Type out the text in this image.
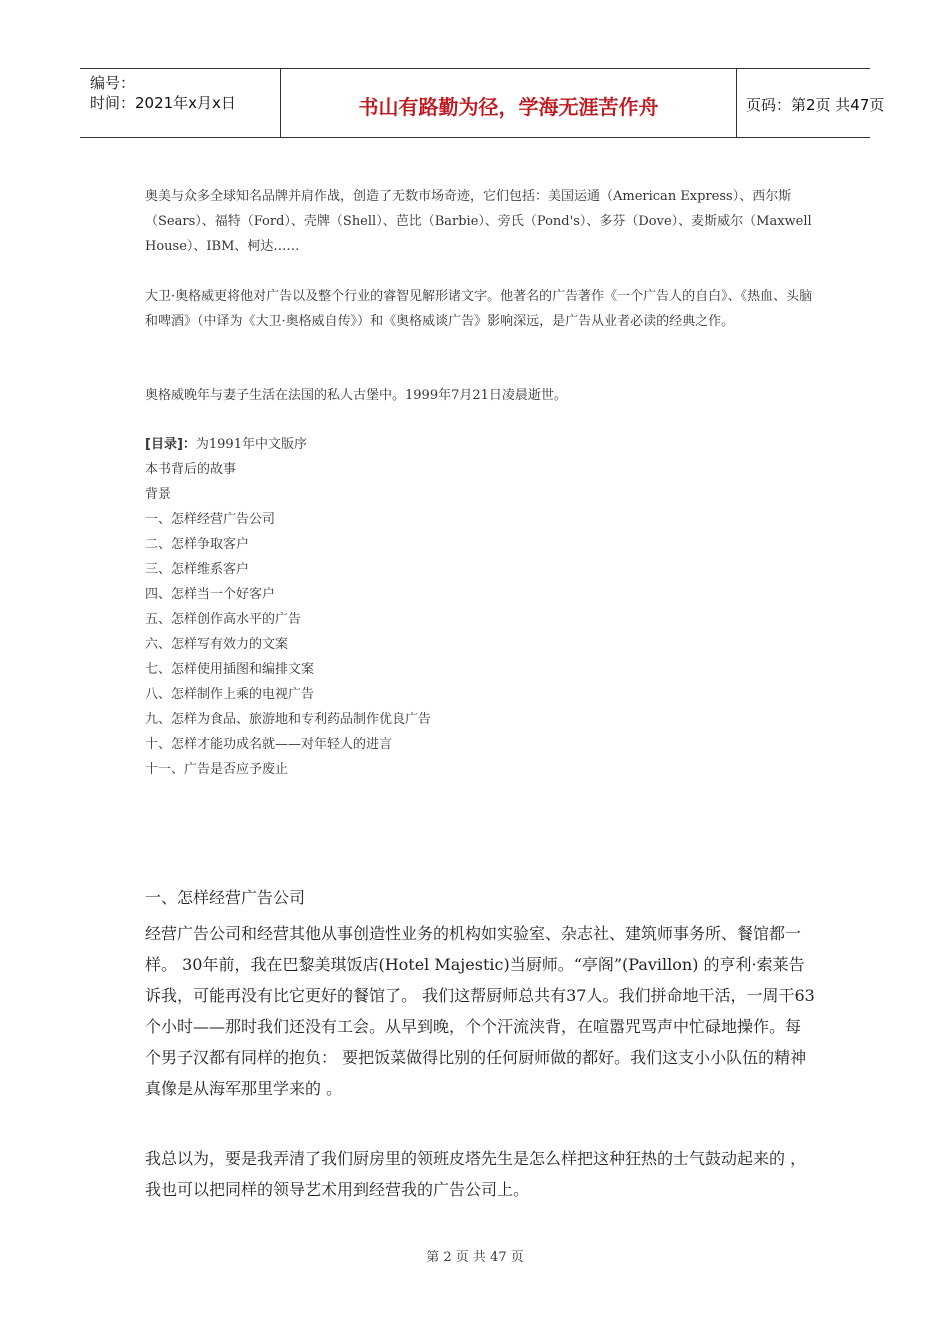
编号：
时间：2021年x月x日	书山有路勤为径，学海无涯苦作舟	页码：第2页 共47页

奥美与众多全球知名品牌并肩作战，创造了无数市场奇迹，它们包括：美国运通（American Express）、西尔斯（Sears）、福特（Ford）、壳牌（Shell）、芭比（Barbie）、旁氏（Pond's）、多芬（Dove）、麦斯威尔（Maxwell House）、IBM、柯达……

大卫·奥格威更将他对广告以及整个行业的睿智见解形诸文字。他著名的广告著作《一个广告人的自白》、《热血、头脑和啤酒》（中译为《大卫·奥格威自传》）和《奥格威谈广告》影响深远，是广告从业者必读的经典之作。

奥格威晚年与妻子生活在法国的私人古堡中。1999年7月21日凌晨逝世。

[目录]：为1991年中文版序
本书背后的故事
背景
一、怎样经营广告公司
二、怎样争取客户
三、怎样维系客户
四、怎样当一个好客户
五、怎样创作高水平的广告
六、怎样写有效力的文案
七、怎样使用插图和编排文案
八、怎样制作上乘的电视广告
九、怎样为食品、旅游地和专利药品制作优良广告
十、怎样才能功成名就——对年轻人的进言
十一、广告是否应予废止

一、怎样经营广告公司

经营广告公司和经营其他从事创造性业务的机构如实验室、杂志社、建筑师事务所、餐馆都一样。 30年前，我在巴黎美琪饭店(Hotel Majestic)当厨师。“亭阁”(Pavillon) 的亨利·索莱告诉我，可能再没有比它更好的餐馆了。 我们这帮厨师总共有37人。我们拼命地干活，一周干63个小时——那时我们还没有工会。从早到晚，个个汗流浃背，在喧嚣咒骂声中忙碌地操作。每个男子汉都有同样的抱负： 要把饭菜做得比别的任何厨师做的都好。我们这支小小队伍的精神真像是从海军那里学来的 。

我总以为，要是我弄清了我们厨房里的领班皮塔先生是怎么样把这种狂热的士气鼓动起来的 ，我也可以把同样的领导艺术用到经营我的广告公司上。

第 2 页 共 47 页
